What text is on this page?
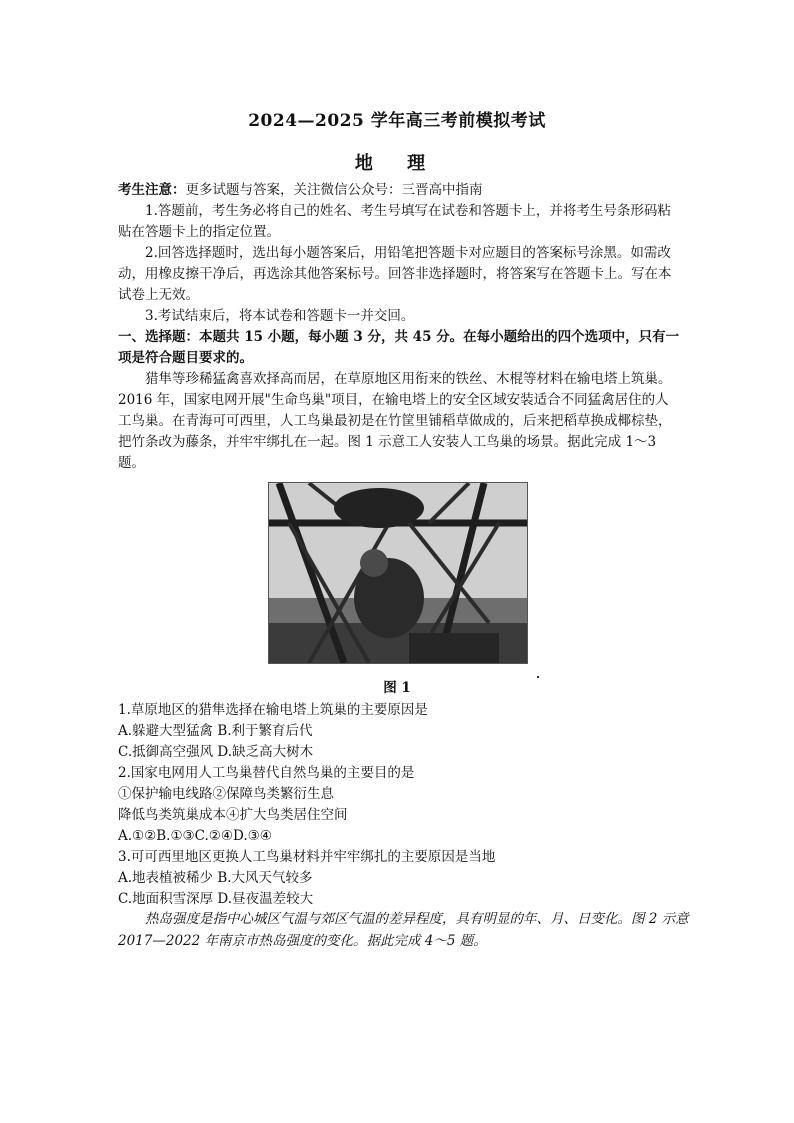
2024—2025 学年高三考前模拟考试
地 理

考生注意：更多试题与答案，关注微信公众号：三晋高中指南

1.答题前，考生务必将自己的姓名、考生号填写在试卷和答题卡上，并将考生号条形码粘贴在答题卡上的指定位置。

2.回答选择题时，选出每小题答案后，用铅笔把答题卡对应题目的答案标号涂黑。如需改动，用橡皮擦干净后，再选涂其他答案标号。回答非选择题时，将答案写在答题卡上。写在本试卷上无效。

3.考试结束后，将本试卷和答题卡一并交回。

一、选择题：本题共 15 小题，每小题 3 分，共 45 分。在每小题给出的四个选项中，只有一项是符合题目要求的。

猎隼等珍稀猛禽喜欢择高而居，在草原地区用衔来的铁丝、木棍等材料在输电塔上筑巢。2016 年，国家电网开展"生命鸟巢"项目，在输电塔上的安全区域安装适合不同猛禽居住的人工鸟巢。在青海可可西里，人工鸟巢最初是在竹筐里铺稻草做成的，后来把稻草换成椰棕垫，把竹条改为藤条，并牢牢绑扎在一起。图 1 示意工人安装人工鸟巢的场景。据此完成 1～3 题。

图 1

1.草原地区的猎隼选择在输电塔上筑巢的主要原因是

A.躲避大型猛禽 B.利于繁育后代

C.抵御高空强风 D.缺乏高大树木

2.国家电网用人工鸟巢替代自然鸟巢的主要目的是

①保护输电线路②保障鸟类繁衍生息

降低鸟类筑巢成本④扩大鸟类居住空间

A.①②B.①③C.②④D.③④

3.可可西里地区更换人工鸟巢材料并牢牢绑扎的主要原因是当地

A.地表植被稀少 B.大风天气较多

C.地面积雪深厚 D.昼夜温差较大

热岛强度是指中心城区气温与郊区气温的差异程度，具有明显的年、月、日变化。图 2 示意 2017—2022 年南京市热岛强度的变化。据此完成 4～5 题。
